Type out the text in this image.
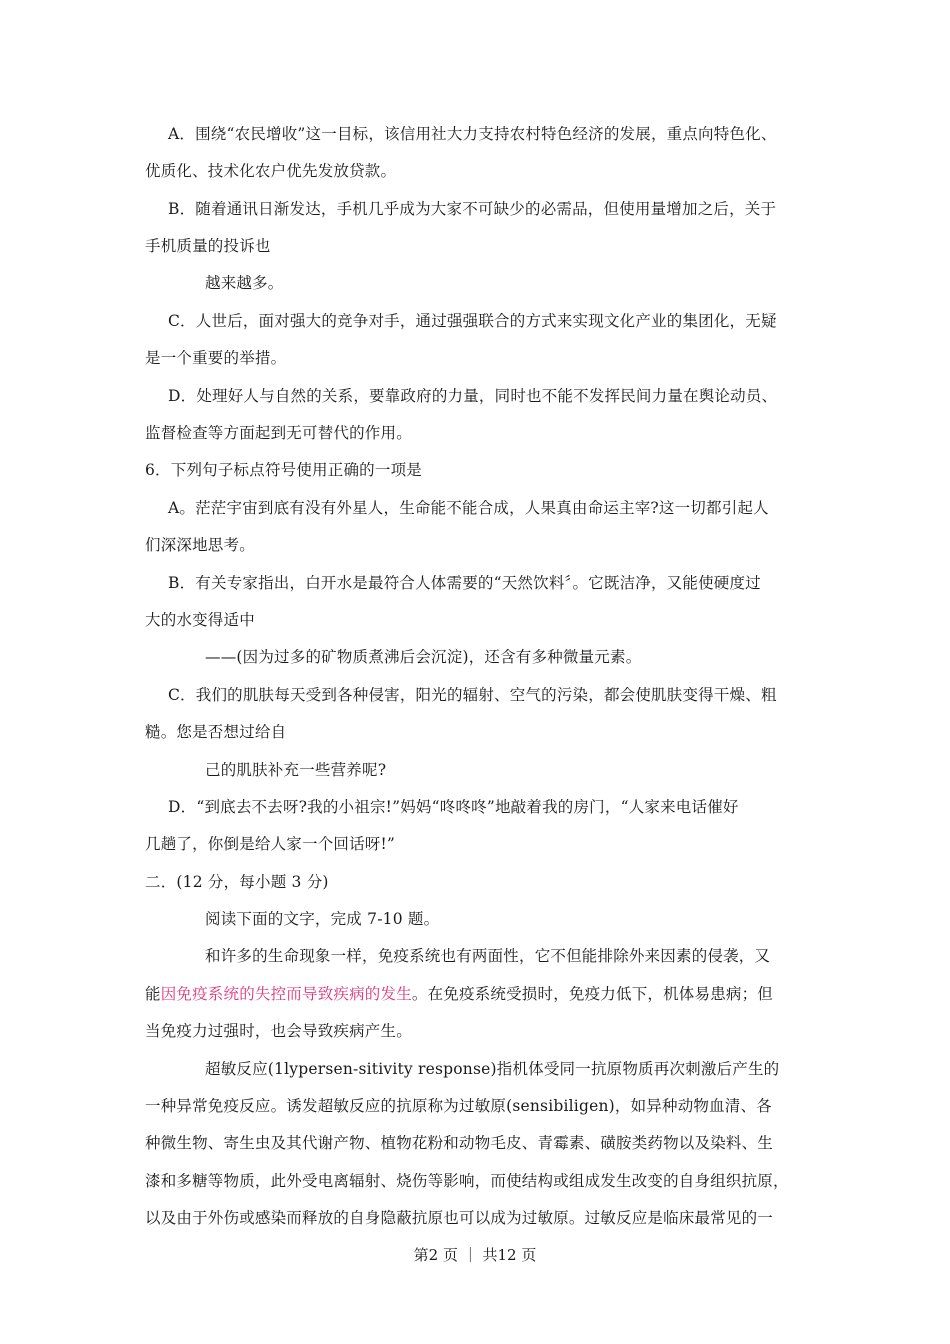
A．围绕“农民增收”这一目标，该信用社大力支持农村特色经济的发展，重点向特色化、
优质化、技术化农户优先发放贷款。
B．随着通讯日渐发达，手机几乎成为大家不可缺少的必需品，但使用量增加之后，关于
手机质量的投诉也
越来越多。
C．人世后，面对强大的竞争对手，通过强强联合的方式来实现文化产业的集团化，无疑
是一个重要的举措。
D．处理好人与自然的关系，要靠政府的力量，同时也不能不发挥民间力量在舆论动员、
监督检查等方面起到无可替代的作用。
6．下列句子标点符号使用正确的一项是
A。茫茫宇宙到底有没有外星人，生命能不能合成，人果真由命运主宰?这一切都引起人
们深深地思考。
B．有关专家指出，白开水是最符合人体需要的“天然饮料〞。它既洁净，又能使硬度过
大的水变得适中
——(因为过多的矿物质煮沸后会沉淀)，还含有多种微量元素。
C．我们的肌肤每天受到各种侵害，阳光的辐射、空气的污染，都会使肌肤变得干燥、粗
糙。您是否想过给自
己的肌肤补充一些营养呢?
D．“到底去不去呀?我的小祖宗!”妈妈“咚咚咚”地敲着我的房门，“人家来电话催好
几趟了，你倒是给人家一个回话呀!”
二．(12 分，每小题 3 分)
阅读下面的文字，完成 7-10 题。
和许多的生命现象一样，免疫系统也有两面性，它不但能排除外来因素的侵袭，又
能因免疫系统的失控而导致疾病的发生。在免疫系统受损时，免疫力低下，机体易患病；但
当免疫力过强时，也会导致疾病产生。
超敏反应(1lypersen-sitivity response)指机体受同一抗原物质再次刺激后产生的
一种异常免疫反应。诱发超敏反应的抗原称为过敏原(sensibiligen)，如异种动物血清、各
种微生物、寄生虫及其代谢产物、植物花粉和动物毛皮、青霉素、磺胺类药物以及染料、生
漆和多糖等物质，此外受电离辐射、烧伤等影响，而使结构或组成发生改变的自身组织抗原，
以及由于外伤或感染而释放的自身隐蔽抗原也可以成为过敏原。过敏反应是临床最常见的一
第2 页 ｜ 共12 页
